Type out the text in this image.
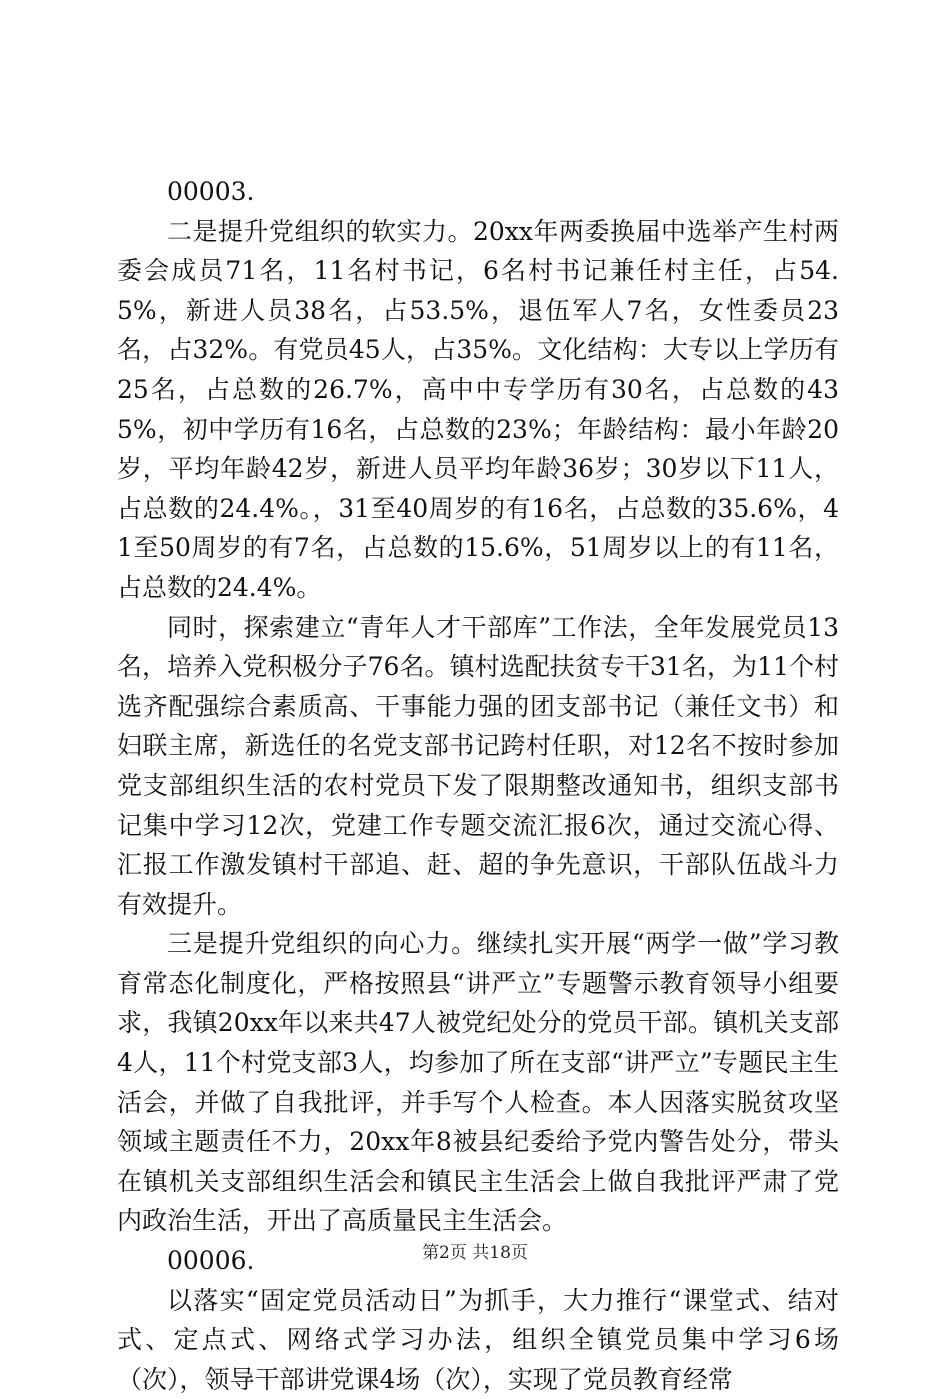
00003.

二是提升党组织的软实力。20xx年两委换届中选举产生村两委会成员71名，11名村书记，6名村书记兼任村主任，占54.5%，新进人员38名，占53.5%，退伍军人7名，女性委员23名，占32%。有党员45人，占35%。文化结构：大专以上学历有25名，占总数的26.7%，高中中专学历有30名，占总数的435%，初中学历有16名，占总数的23%；年龄结构：最小年龄20岁，平均年龄42岁，新进人员平均年龄36岁；30岁以下11人，占总数的24.4%。，31至40周岁的有16名，占总数的35.6%，41至50周岁的有7名，占总数的15.6%，51周岁以上的有11名，占总数的24.4%。

同时，探索建立“青年人才干部库”工作法，全年发展党员13名，培养入党积极分子76名。镇村选配扶贫专干31名，为11个村选齐配强综合素质高、干事能力强的团支部书记（兼任文书）和妇联主席，新选任的名党支部书记跨村任职，对12名不按时参加党支部组织生活的农村党员下发了限期整改通知书，组织支部书记集中学习12次，党建工作专题交流汇报6次，通过交流心得、汇报工作激发镇村干部追、赶、超的争先意识，干部队伍战斗力有效提升。

三是提升党组织的向心力。继续扎实开展“两学一做”学习教育常态化制度化，严格按照县“讲严立”专题警示教育领导小组要求，我镇20xx年以来共47人被党纪处分的党员干部。镇机关支部4人，11个村党支部3人，均参加了所在支部“讲严立”专题民主生活会，并做了自我批评，并手写个人检查。本人因落实脱贫攻坚领域主题责任不力，20xx年8被县纪委给予党内警告处分，带头在镇机关支部组织生活会和镇民主生活会上做自我批评严肃了党内政治生活，开出了高质量民主生活会。

00006.

以落实“固定党员活动日”为抓手，大力推行“课堂式、结对式、定点式、网络式学习办法，组织全镇党员集中学习6场（次），领导干部讲党课4场（次），实现了党员教育经常

第2页 共18页
